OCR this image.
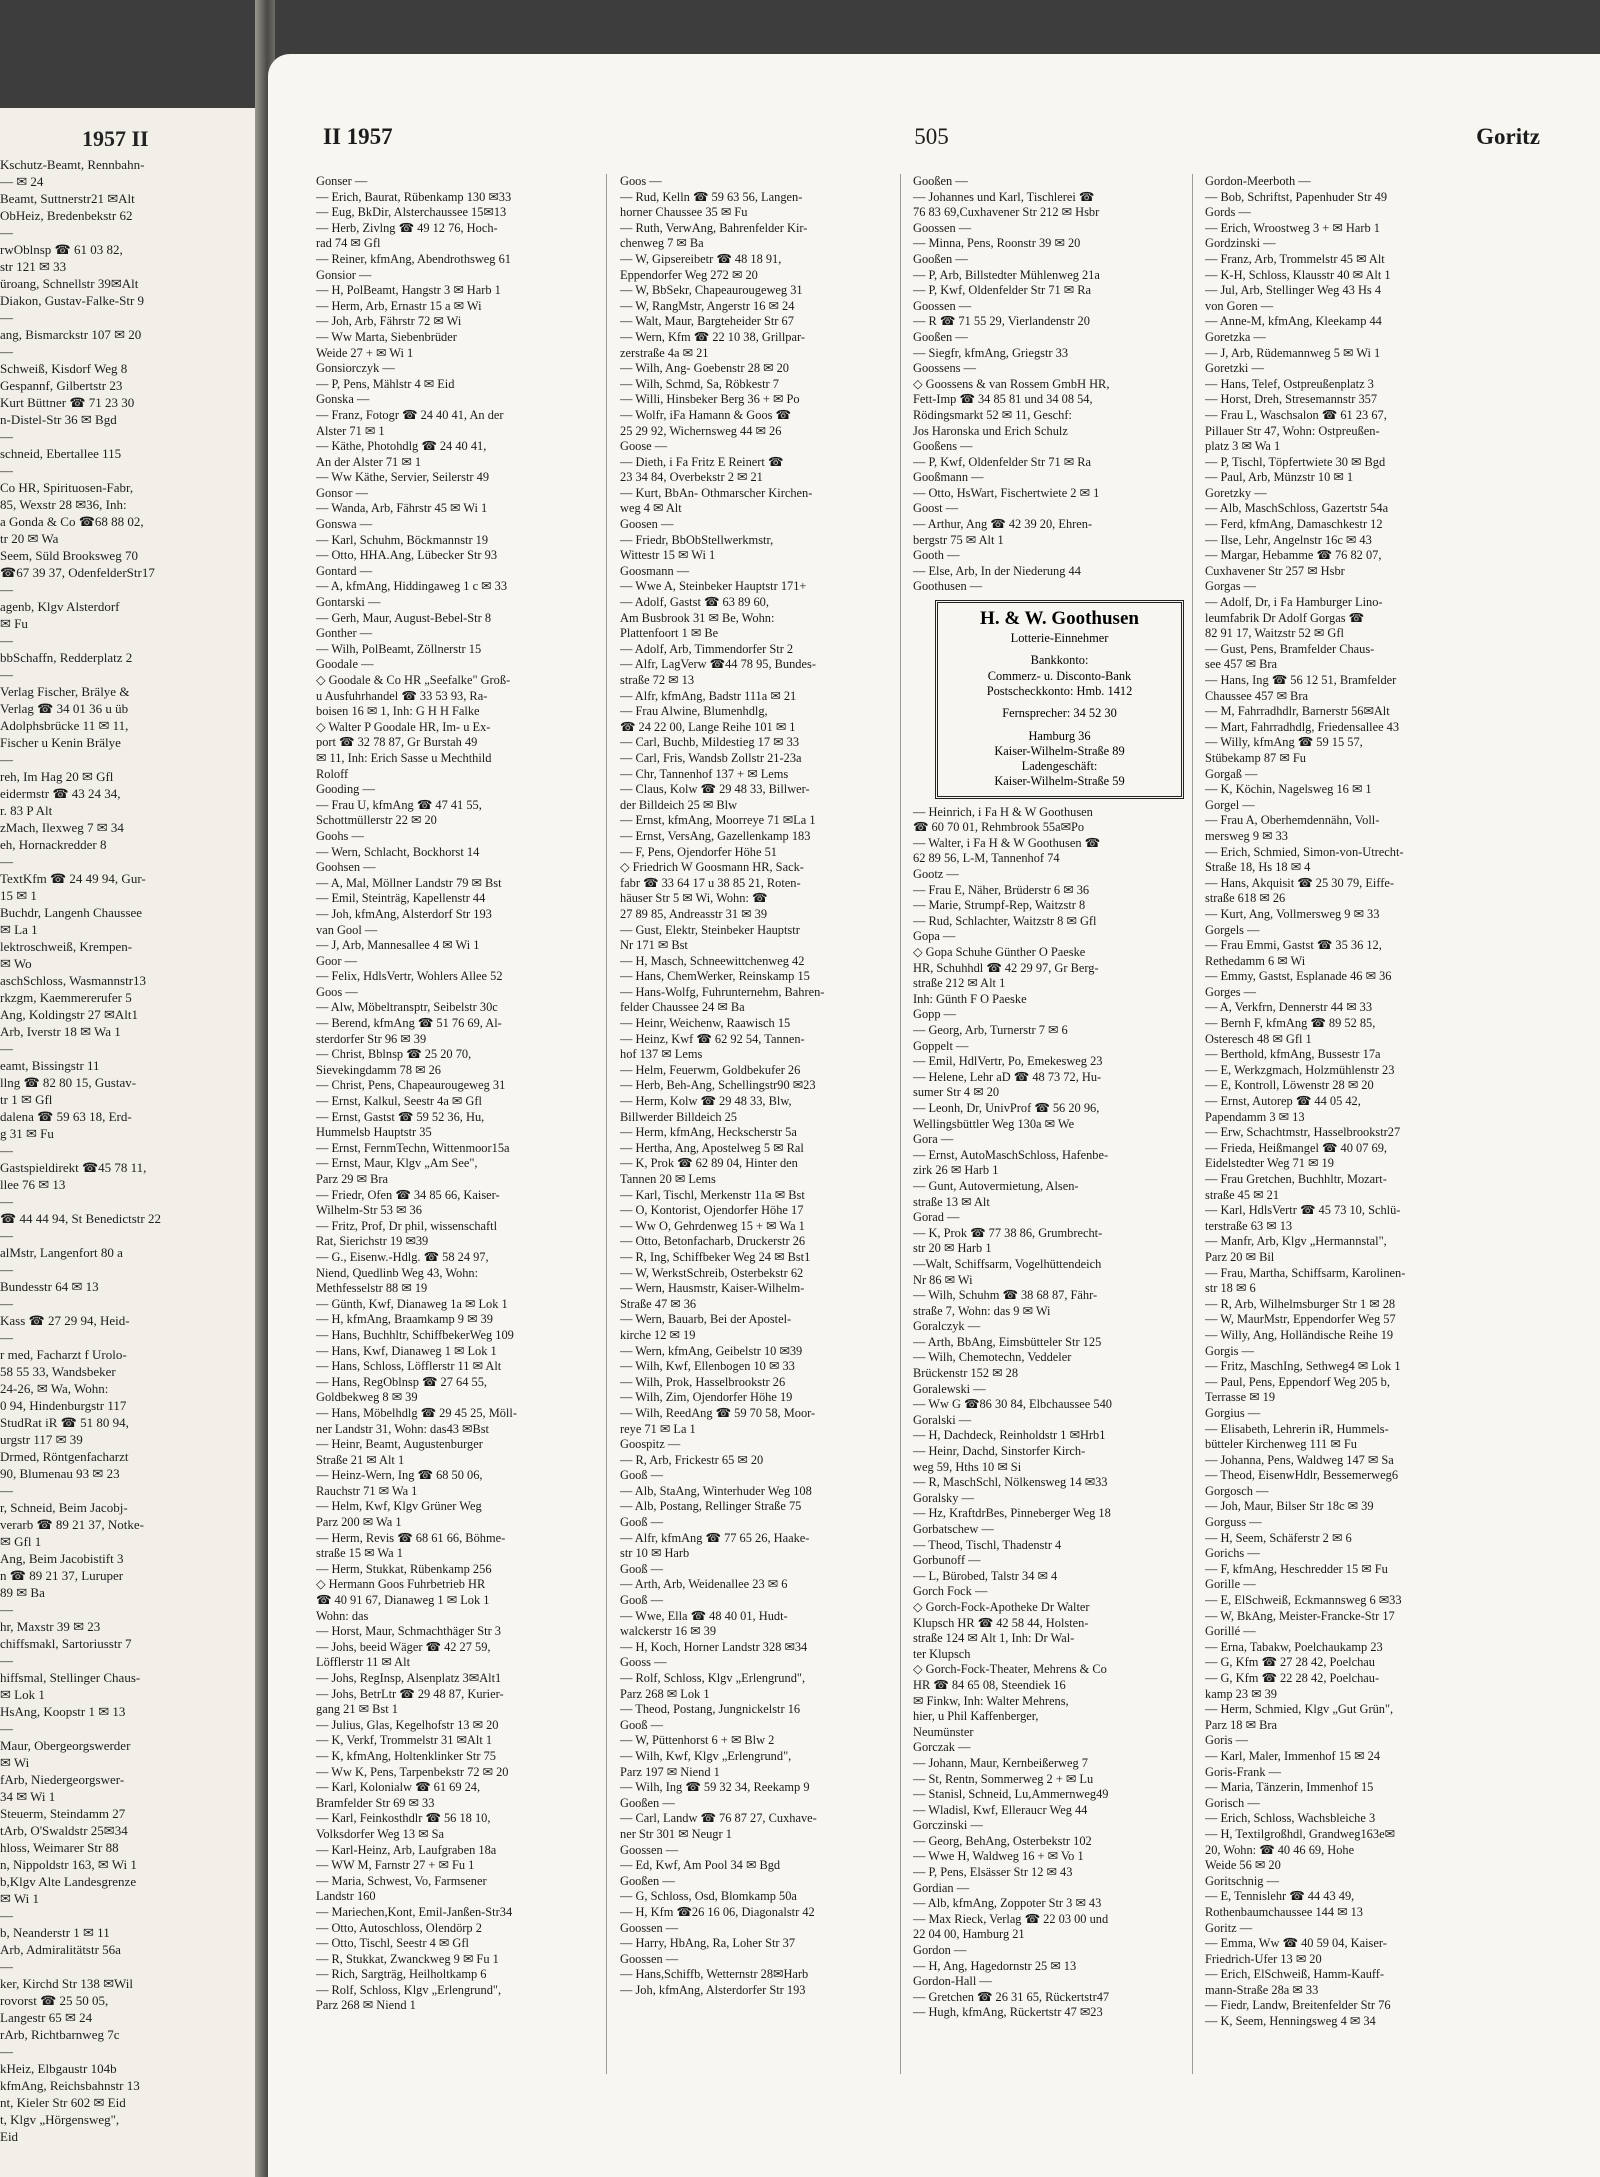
1957 II
Kschutz-Beamt, Rennbahn-
— ✉ 24
Beamt, Suttnerstr21 ✉Alt
ObHeiz, Bredenbekstr 62
—
rwOblnsp ☎ 61 03 82,
str 121 ✉ 33
üroang, Schnellstr 39✉Alt
Diakon, Gustav-Falke-Str 9
—
ang, Bismarckstr 107 ✉ 20
—
Schweiß, Kisdorf Weg 8
Gespannf, Gilbertstr 23
Kurt Büttner ☎ 71 23 30
n-Distel-Str 36 ✉ Bgd
—
schneid, Ebertallee 115
—
Co HR, Spirituosen-Fabr,
85, Wexstr 28 ✉36, Inh:
a Gonda & Co ☎68 88 02,
tr 20 ✉ Wa
Seem, Süld Brooksweg 70
☎67 39 37, OdenfelderStr17
—
agenb, Klgv Alsterdorf
✉ Fu
—
bbSchaffn, Redderplatz 2
—
Verlag Fischer, Brälye &
Verlag ☎ 34 01 36 u üb
Adolphsbrücke 11 ✉ 11,
Fischer u Kenin Brälye
—
reh, Im Hag 20 ✉ Gfl
eidermstr ☎ 43 24 34,
r. 83 P Alt
zMach, Ilexweg 7 ✉ 34
eh, Hornackredder 8
—
TextKfm ☎ 24 49 94, Gur-
15 ✉ 1
Buchdr, Langenh Chaussee
✉ La 1
lektroschweiß, Krempen-
✉ Wo
aschSchloss, Wasmannstr13
rkzgm, Kaemmererufer 5
Ang, Koldingstr 27 ✉Alt1
Arb, Iverstr 18 ✉ Wa 1
—
eamt, Bissingstr 11
llng ☎ 82 80 15, Gustav-
tr 1 ✉ Gfl
dalena ☎ 59 63 18, Erd-
g 31 ✉ Fu
—
Gastspieldirekt ☎45 78 11,
llee 76 ✉ 13
—
☎ 44 44 94, St Benedictstr 22
—
alMstr, Langenfort 80 a
—
Bundesstr 64 ✉ 13
—
Kass ☎ 27 29 94, Heid-
—
r med, Facharzt f Urolo-
58 55 33, Wandsbeker
24-26, ✉ Wa, Wohn:
0 94, Hindenburgstr 117
StudRat iR ☎ 51 80 94,
urgstr 117 ✉ 39
Drmed, Röntgenfacharzt
90, Blumenau 93 ✉ 23
—
r, Schneid, Beim Jacobj-
verarb ☎ 89 21 37, Notke-
✉ Gfl 1
Ang, Beim Jacobistift 3
n ☎ 89 21 37, Luruper
89 ✉ Ba
—
hr, Maxstr 39 ✉ 23
chiffsmakl, Sartoriusstr 7
—
hiffsmal, Stellinger Chaus-
✉ Lok 1
HsAng, Koopstr 1 ✉ 13
—
Maur, Obergeorgswerder
✉ Wi
fArb, Niedergeorgswer-
34 ✉ Wi 1
Steuerm, Steindamm 27
tArb, O'Swaldstr 25✉34
hloss, Weimarer Str 88
n, Nippoldstr 163, ✉ Wi 1
b,Klgv Alte Landesgrenze
✉ Wi 1
—
b, Neanderstr 1 ✉ 11
Arb, Admiralitätstr 56a
—
ker, Kirchd Str 138 ✉Wil
rovorst ☎ 25 50 05,
Langestr 65 ✉ 24
rArb, Richtbarnweg 7c
—
kHeiz, Elbgaustr 104b
kfmAng, Reichsbahnstr 13
nt, Kieler Str 602 ✉ Eid
t, Klgv „Hörgensweg",
Eid
II 1957	505	Goritz
Gonser —
— Erich, Baurat, Rübenkamp 130 ✉33
— Eug, BkDir, Alsterchaussee 15✉13
— Herb, Zivlng ☎ 49 12 76, Hoch-
rad 74 ✉ Gfl
— Reiner, kfmAng, Abendrothsweg 61
Gonsior —
— H, PolBeamt, Hangstr 3 ✉ Harb 1
— Herm, Arb, Ernastr 15 a ✉ Wi
— Joh, Arb, Fährstr 72 ✉ Wi
— Ww Marta, Siebenbrüder
Weide 27 + ✉ Wi 1
Gonsiorczyk —
— P, Pens, Mählstr 4 ✉ Eid
Gonska —
— Franz, Fotogr ☎ 24 40 41, An der
Alster 71 ✉ 1
— Käthe, Photohdlg ☎ 24 40 41,
An der Alster 71 ✉ 1
— Ww Käthe, Servier, Seilerstr 49
Gonsor —
— Wanda, Arb, Fährstr 45 ✉ Wi 1
Gonswa —
— Karl, Schuhm, Böckmannstr 19
— Otto, HHA.Ang, Lübecker Str 93
Gontard —
— A, kfmAng, Hiddingaweg 1 c ✉ 33
Gontarski —
— Gerh, Maur, August-Bebel-Str 8
Gonther —
— Wilh, PolBeamt, Zöllnerstr 15
Goodale —
◇ Goodale & Co HR „Seefalke" Groß-
u Ausfuhrhandel ☎ 33 53 93, Ra-
boisen 16 ✉ 1, Inh: G H H Falke
◇ Walter P Goodale HR, Im- u Ex-
port ☎ 32 78 87, Gr Burstah 49
✉ 11, Inh: Erich Sasse u Mechthild
Roloff
Gooding —
— Frau U, kfmAng ☎ 47 41 55,
Schottmüllerstr 22 ✉ 20
Goohs —
— Wern, Schlacht, Bockhorst 14
Goohsen —
— A, Mal, Möllner Landstr 79 ✉ Bst
— Emil, Steinträg, Kapellenstr 44
— Joh, kfmAng, Alsterdorf Str 193
van Gool —
— J, Arb, Mannesallee 4 ✉ Wi 1
Goor —
— Felix, HdlsVertr, Wohlers Allee 52
Goos —
— Alw, Möbeltransptr, Seibelstr 30c
— Berend, kfmAng ☎ 51 76 69, Al-
sterdorfer Str 96 ✉ 39
— Christ, Bblnsp ☎ 25 20 70,
Sievekingdamm 78 ✉ 26
— Christ, Pens, Chapeaurougeweg 31
— Ernst, Kalkul, Seestr 4a ✉ Gfl
— Ernst, Gastst ☎ 59 52 36, Hu,
Hummelsb Hauptstr 35
— Ernst, FernmTechn, Wittenmoor15a
— Ernst, Maur, Klgv „Am See",
Parz 29 ✉ Bra
— Friedr, Ofen ☎ 34 85 66, Kaiser-
Wilhelm-Str 53 ✉ 36
— Fritz, Prof, Dr phil, wissenschaftl
Rat, Sierichstr 19 ✉39
— G., Eisenw.-Hdlg. ☎ 58 24 97,
Niend, Quedlinb Weg 43, Wohn:
Methfesselstr 88 ✉ 19
— Günth, Kwf, Dianaweg 1a ✉ Lok 1
— H, kfmAng, Braamkamp 9 ✉ 39
— Hans, Buchhltr, SchiffbekerWeg 109
— Hans, Kwf, Dianaweg 1 ✉ Lok 1
— Hans, Schloss, Löfflerstr 11 ✉ Alt
— Hans, RegOblnsp ☎ 27 64 55,
Goldbekweg 8 ✉ 39
— Hans, Möbelhdlg ☎ 29 45 25, Möll-
ner Landstr 31, Wohn: das43 ✉Bst
— Heinr, Beamt, Augustenburger
Straße 21 ✉ Alt 1
— Heinz-Wern, Ing ☎ 68 50 06,
Rauchstr 71 ✉ Wa 1
— Helm, Kwf, Klgv Grüner Weg
Parz 200 ✉ Wa 1
— Herm, Revis ☎ 68 61 66, Böhme-
straße 15 ✉ Wa 1
— Herm, Stukkat, Rübenkamp 256
◇ Hermann Goos Fuhrbetrieb HR
☎ 40 91 67, Dianaweg 1 ✉ Lok 1
Wohn: das
— Horst, Maur, Schmachthäger Str 3
— Johs, beeid Wäger ☎ 42 27 59,
Löfflerstr 11 ✉ Alt
— Johs, RegInsp, Alsenplatz 3✉Alt1
— Johs, BetrLtr ☎ 29 48 87, Kurier-
gang 21 ✉ Bst 1
— Julius, Glas, Kegelhofstr 13 ✉ 20
— K, Verkf, Trommelstr 31 ✉Alt 1
— K, kfmAng, Holtenklinker Str 75
— Ww K, Pens, Tarpenbekstr 72 ✉ 20
— Karl, Kolonialw ☎ 61 69 24,
Bramfelder Str 69 ✉ 33
— Karl, Feinkosthdlr ☎ 56 18 10,
Volksdorfer Weg 13 ✉ Sa
— Karl-Heinz, Arb, Laufgraben 18a
— WW M, Farnstr 27 + ✉ Fu 1
— Maria, Schwest, Vo, Farmsener
Landstr 160
— Mariechen,Kont, Emil-Janßen-Str34
— Otto, Autoschloss, Olendörp 2
— Otto, Tischl, Seestr 4 ✉ Gfl
— R, Stukkat, Zwanckweg 9 ✉ Fu 1
— Rich, Sargträg, Heilholtkamp 6
— Rolf, Schloss, Klgv „Erlengrund",
Parz 268 ✉ Niend 1
Goos —
— Rud, Kelln ☎ 59 63 56, Langen-
horner Chaussee 35 ✉ Fu
— Ruth, VerwAng, Bahrenfelder Kir-
chenweg 7 ✉ Ba
— W, Gipsereibetr ☎ 48 18 91,
Eppendorfer Weg 272 ✉ 20
— W, BbSekr, Chapeaurougeweg 31
— W, RangMstr, Angerstr 16 ✉ 24
— Walt, Maur, Bargteheider Str 67
— Wern, Kfm ☎ 22 10 38, Grillpar-
zerstraße 4a ✉ 21
— Wilh, Ang- Goebenstr 28 ✉ 20
— Wilh, Schmd, Sa, Röbkestr 7
— Willi, Hinsbeker Berg 36 + ✉ Po
— Wolfr, iFa Hamann & Goos ☎
25 29 92, Wichernsweg 44 ✉ 26
Goose —
— Dieth, i Fa Fritz E Reinert ☎
23 34 84, Overbekstr 2 ✉ 21
— Kurt, BbAn- Othmarscher Kirchen-
weg 4 ✉ Alt
Goosen —
— Friedr, BbObStellwerkmstr,
Wittestr 15 ✉ Wi 1
Goosmann —
— Wwe A, Steinbeker Hauptstr 171+
— Adolf, Gastst ☎ 63 89 60,
Am Busbrook 31 ✉ Be, Wohn:
Plattenfoort 1 ✉ Be
— Adolf, Arb, Timmendorfer Str 2
— Alfr, LagVerw ☎44 78 95, Bundes-
straße 72 ✉ 13
— Alfr, kfmAng, Badstr 111a ✉ 21
— Frau Alwine, Blumenhdlg,
☎ 24 22 00, Lange Reihe 101 ✉ 1
— Carl, Buchb, Mildestieg 17 ✉ 33
— Carl, Fris, Wandsb Zollstr 21-23a
— Chr, Tannenhof 137 + ✉ Lems
— Claus, Kolw ☎ 29 48 33, Billwer-
der Billdeich 25 ✉ Blw
— Ernst, kfmAng, Moorreye 71 ✉La 1
— Ernst, VersAng, Gazellenkamp 183
— F, Pens, Ojendorfer Höhe 51
◇ Friedrich W Goosmann HR, Sack-
fabr ☎ 33 64 17 u 38 85 21, Roten-
häuser Str 5 ✉ Wi, Wohn: ☎
27 89 85, Andreasstr 31 ✉ 39
— Gust, Elektr, Steinbeker Hauptstr
Nr 171 ✉ Bst
— H, Masch, Schneewittchenweg 42
— Hans, ChemWerker, Reinskamp 15
— Hans-Wolfg, Fuhrunternehm, Bahren-
felder Chaussee 24 ✉ Ba
— Heinr, Weichenw, Raawisch 15
— Heinz, Kwf ☎ 62 92 54, Tannen-
hof 137 ✉ Lems
— Helm, Feuerwm, Goldbekufer 26
— Herb, Beh-Ang, Schellingstr90 ✉23
— Herm, Kolw ☎ 29 48 33, Blw,
Billwerder Billdeich 25
— Herm, kfmAng, Heckscherstr 5a
— Hertha, Ang, Apostelweg 5 ✉ Ral
— K, Prok ☎ 62 89 04, Hinter den
Tannen 20 ✉ Lems
— Karl, Tischl, Merkenstr 11a ✉ Bst
— O, Kontorist, Ojendorfer Höhe 17
— Ww O, Gehrdenweg 15 + ✉ Wa 1
— Otto, Betonfacharb, Druckerstr 26
— R, Ing, Schiffbeker Weg 24 ✉ Bst1
— W, WerkstSchreib, Osterbekstr 62
— Wern, Hausmstr, Kaiser-Wilhelm-
Straße 47 ✉ 36
— Wern, Bauarb, Bei der Apostel-
kirche 12 ✉ 19
— Wern, kfmAng, Geibelstr 10 ✉39
— Wilh, Kwf, Ellenbogen 10 ✉ 33
— Wilh, Prok, Hasselbrookstr 26
— Wilh, Zim, Ojendorfer Höhe 19
— Wilh, ReedAng ☎ 59 70 58, Moor-
reye 71 ✉ La 1
Goospitz —
— R, Arb, Frickestr 65 ✉ 20
Gooß —
— Alb, StaAng, Winterhuder Weg 108
— Alb, Postang, Rellinger Straße 75
Gooß —
— Alfr, kfmAng ☎ 77 65 26, Haake-
str 10 ✉ Harb
Gooß —
— Arth, Arb, Weidenallee 23 ✉ 6
Gooß —
— Wwe, Ella ☎ 48 40 01, Hudt-
walckerstr 16 ✉ 39
— H, Koch, Horner Landstr 328 ✉34
Gooss —
— Rolf, Schloss, Klgv „Erlengrund",
Parz 268 ✉ Lok 1
— Theod, Postang, Jungnickelstr 16
Gooß —
— W, Püttenhorst 6 + ✉ Blw 2
— Wilh, Kwf, Klgv „Erlengrund",
Parz 197 ✉ Niend 1
— Wilh, Ing ☎ 59 32 34, Reekamp 9
Gooßen —
— Carl, Landw ☎ 76 87 27, Cuxhave-
ner Str 301 ✉ Neugr 1
Goossen —
— Ed, Kwf, Am Pool 34 ✉ Bgd
Gooßen —
— G, Schloss, Osd, Blomkamp 50a
— H, Kfm ☎26 16 06, Diagonalstr 42
Goossen —
— Harry, HbAng, Ra, Loher Str 37
Goossen —
— Hans,Schiffb, Wetternstr 28✉Harb
— Joh, kfmAng, Alsterdorfer Str 193
Gooßen —
— Johannes und Karl, Tischlerei ☎
76 83 69,Cuxhavener Str 212 ✉ Hsbr
Goossen —
— Minna, Pens, Roonstr 39 ✉ 20
Gooßen —
— P, Arb, Billstedter Mühlenweg 21a
— P, Kwf, Oldenfelder Str 71 ✉ Ra
Goossen —
— R ☎ 71 55 29, Vierlandenstr 20
Gooßen —
— Siegfr, kfmAng, Griegstr 33
Goossens —
◇ Goossens & van Rossem GmbH HR,
Fett-Imp ☎ 34 85 81 und 34 08 54,
Rödingsmarkt 52 ✉ 11, Geschf:
Jos Haronska und Erich Schulz
Gooßens —
— P, Kwf, Oldenfelder Str 71 ✉ Ra
Gooßmann —
— Otto, HsWart, Fischertwiete 2 ✉ 1
Goost —
— Arthur, Ang ☎ 42 39 20, Ehren-
bergstr 75 ✉ Alt 1
Gooth —
— Else, Arb, In der Niederung 44
Goothusen —
H. & W. Goothusen
Lotterie-Einnehmer
Bankkonto:
Commerz- u. Disconto-Bank
Postscheckkonto: Hmb. 1412
Fernsprecher: 34 52 30
Hamburg 36
Kaiser-Wilhelm-Straße 89
Ladengeschäft:
Kaiser-Wilhelm-Straße 59
— Heinrich, i Fa H & W Goothusen
☎ 60 70 01, Rehmbrook 55a✉Po
— Walter, i Fa H & W Goothusen ☎
62 89 56, L-M, Tannenhof 74
Gootz —
— Frau E, Näher, Brüderstr 6 ✉ 36
— Marie, Strumpf-Rep, Waitzstr 8
— Rud, Schlachter, Waitzstr 8 ✉ Gfl
Gopa —
◇ Gopa Schuhe Günther O Paeske
HR, Schuhhdl ☎ 42 29 97, Gr Berg-
straße 212 ✉ Alt 1
Inh: Günth F O Paeske
Gopp —
— Georg, Arb, Turnerstr 7 ✉ 6
Goppelt —
— Emil, HdlVertr, Po, Emekesweg 23
— Helene, Lehr aD ☎ 48 73 72, Hu-
sumer Str 4 ✉ 20
— Leonh, Dr, UnivProf ☎ 56 20 96,
Wellingsbüttler Weg 130a ✉ We
Gora —
— Ernst, AutoMaschSchloss, Hafenbe-
zirk 26 ✉ Harb 1
— Gunt, Autovermietung, Alsen-
straße 13 ✉ Alt
Gorad —
— K, Prok ☎ 77 38 86, Grumbrecht-
str 20 ✉ Harb 1
—Walt, Schiffsarm, Vogelhüttendeich
Nr 86 ✉ Wi
— Wilh, Schuhm ☎ 38 68 87, Fähr-
straße 7, Wohn: das 9 ✉ Wi
Goralczyk —
— Arth, BbAng, Eimsbütteler Str 125
— Wilh, Chemotechn, Veddeler
Brückenstr 152 ✉ 28
Goralewski —
— Ww G ☎86 30 84, Elbchaussee 540
Goralski —
— H, Dachdeck, Reinholdstr 1 ✉Hrb1
— Heinr, Dachd, Sinstorfer Kirch-
weg 59, Hths 10 ✉ Si
— R, MaschSchl, Nölkensweg 14 ✉33
Goralsky —
— Hz, KraftdrBes, Pinneberger Weg 18
Gorbatschew —
— Theod, Tischl, Thadenstr 4
Gorbunoff —
— L, Bürobed, Talstr 34 ✉ 4
Gorch Fock —
◇ Gorch-Fock-Apotheke Dr Walter
Klupsch HR ☎ 42 58 44, Holsten-
straße 124 ✉ Alt 1, Inh: Dr Wal-
ter Klupsch
◇ Gorch-Fock-Theater, Mehrens & Co
HR ☎ 84 65 08, Steendiek 16
✉ Finkw, Inh: Walter Mehrens,
hier, u Phil Kaffenberger,
Neumünster
Gorczak —
— Johann, Maur, Kernbeißerweg 7
— St, Rentn, Sommerweg 2 + ✉ Lu
— Stanisl, Schneid, Lu,Ammernweg49
— Wladisl, Kwf, Elleraucr Weg 44
Gorczinski —
— Georg, BehAng, Osterbekstr 102
— Wwe H, Waldweg 16 + ✉ Vo 1
— P, Pens, Elsässer Str 12 ✉ 43
Gordian —
— Alb, kfmAng, Zoppoter Str 3 ✉ 43
— Max Rieck, Verlag ☎ 22 03 00 und
22 04 00, Hamburg 21
Gordon —
— H, Ang, Hagedornstr 25 ✉ 13
Gordon-Hall —
— Gretchen ☎ 26 31 65, Rückertstr47
— Hugh, kfmAng, Rückertstr 47 ✉23
Gordon-Meerboth —
— Bob, Schriftst, Papenhuder Str 49
Gords —
— Erich, Wroostweg 3 + ✉ Harb 1
Gordzinski —
— Franz, Arb, Trommelstr 45 ✉ Alt
— K-H, Schloss, Klausstr 40 ✉ Alt 1
— Jul, Arb, Stellinger Weg 43 Hs 4
von Goren —
— Anne-M, kfmAng, Kleekamp 44
Goretzka —
— J, Arb, Rüdemannweg 5 ✉ Wi 1
Goretzki —
— Hans, Telef, Ostpreußenplatz 3
— Horst, Dreh, Stresemannstr 357
— Frau L, Waschsalon ☎ 61 23 67,
Pillauer Str 47, Wohn: Ostpreußen-
platz 3 ✉ Wa 1
— P, Tischl, Töpfertwiete 30 ✉ Bgd
— Paul, Arb, Münzstr 10 ✉ 1
Goretzky —
— Alb, MaschSchloss, Gazertstr 54a
— Ferd, kfmAng, Damaschkestr 12
— Ilse, Lehr, Angelnstr 16c ✉ 43
— Margar, Hebamme ☎ 76 82 07,
Cuxhavener Str 257 ✉ Hsbr
Gorgas —
— Adolf, Dr, i Fa Hamburger Lino-
leumfabrik Dr Adolf Gorgas ☎
82 91 17, Waitzstr 52 ✉ Gfl
— Gust, Pens, Bramfelder Chaus-
see 457 ✉ Bra
— Hans, Ing ☎ 56 12 51, Bramfelder
Chaussee 457 ✉ Bra
— M, Fahrradhdlr, Barnerstr 56✉Alt
— Mart, Fahrradhdlg, Friedensallee 43
— Willy, kfmAng ☎ 59 15 57,
Stübekamp 87 ✉ Fu
Gorgaß —
— K, Köchin, Nagelsweg 16 ✉ 1
Gorgel —
— Frau A, Oberhemdennähn, Voll-
mersweg 9 ✉ 33
— Erich, Schmied, Simon-von-Utrecht-
Straße 18, Hs 18 ✉ 4
— Hans, Akquisit ☎ 25 30 79, Eiffe-
straße 618 ✉ 26
— Kurt, Ang, Vollmersweg 9 ✉ 33
Gorgels —
— Frau Emmi, Gastst ☎ 35 36 12,
Rethedamm 6 ✉ Wi
— Emmy, Gastst, Esplanade 46 ✉ 36
Gorges —
— A, Verkfrn, Dennerstr 44 ✉ 33
— Bernh F, kfmAng ☎ 89 52 85,
Osteresch 48 ✉ Gfl 1
— Berthold, kfmAng, Bussestr 17a
— E, Werkzgmach, Holzmühlenstr 23
— E, Kontroll, Löwenstr 28 ✉ 20
— Ernst, Autorep ☎ 44 05 42,
Papendamm 3 ✉ 13
— Erw, Schachtmstr, Hasselbrookstr27
— Frieda, Heißmangel ☎ 40 07 69,
Eidelstedter Weg 71 ✉ 19
— Frau Gretchen, Buchhltr, Mozart-
straße 45 ✉ 21
— Karl, HdlsVertr ☎ 45 73 10, Schlü-
terstraße 63 ✉ 13
— Manfr, Arb, Klgv „Hermannstal",
Parz 20 ✉ Bil
— Frau, Martha, Schiffsarm, Karolinen-
str 18 ✉ 6
— R, Arb, Wilhelmsburger Str 1 ✉ 28
— W, MaurMstr, Eppendorfer Weg 57
— Willy, Ang, Holländische Reihe 19
Gorgis —
— Fritz, MaschIng, Sethweg4 ✉ Lok 1
— Paul, Pens, Eppendorf Weg 205 b,
Terrasse ✉ 19
Gorgius —
— Elisabeth, Lehrerin iR, Hummels-
bütteler Kirchenweg 111 ✉ Fu
— Johanna, Pens, Waldweg 147 ✉ Sa
— Theod, EisenwHdlr, Bessemerweg6
Gorgosch —
— Joh, Maur, Bilser Str 18c ✉ 39
Gorguss —
— H, Seem, Schäferstr 2 ✉ 6
Gorichs —
— F, kfmAng, Heschredder 15 ✉ Fu
Gorille —
— E, ElSchweiß, Eckmannsweg 6 ✉33
— W, BkAng, Meister-Francke-Str 17
Gorillé —
— Erna, Tabakw, Poelchaukamp 23
— G, Kfm ☎ 27 28 42, Poelchau
— G, Kfm ☎ 22 28 42, Poelchau-
kamp 23 ✉ 39
— Herm, Schmied, Klgv „Gut Grün",
Parz 18 ✉ Bra
Goris —
— Karl, Maler, Immenhof 15 ✉ 24
Goris-Frank —
— Maria, Tänzerin, Immenhof 15
Gorisch —
— Erich, Schloss, Wachsbleiche 3
— H, Textilgroßhdl, Grandweg163e✉
20, Wohn: ☎ 40 46 69, Hohe
Weide 56 ✉ 20
Goritschnig —
— E, Tennislehr ☎ 44 43 49,
Rothenbaumchaussee 144 ✉ 13
Goritz —
— Emma, Ww ☎ 40 59 04, Kaiser-
Friedrich-Ufer 13 ✉ 20
— Erich, ElSchweiß, Hamm-Kauff-
mann-Straße 28a ✉ 33
— Fiedr, Landw, Breitenfelder Str 76
— K, Seem, Henningsweg 4 ✉ 34
